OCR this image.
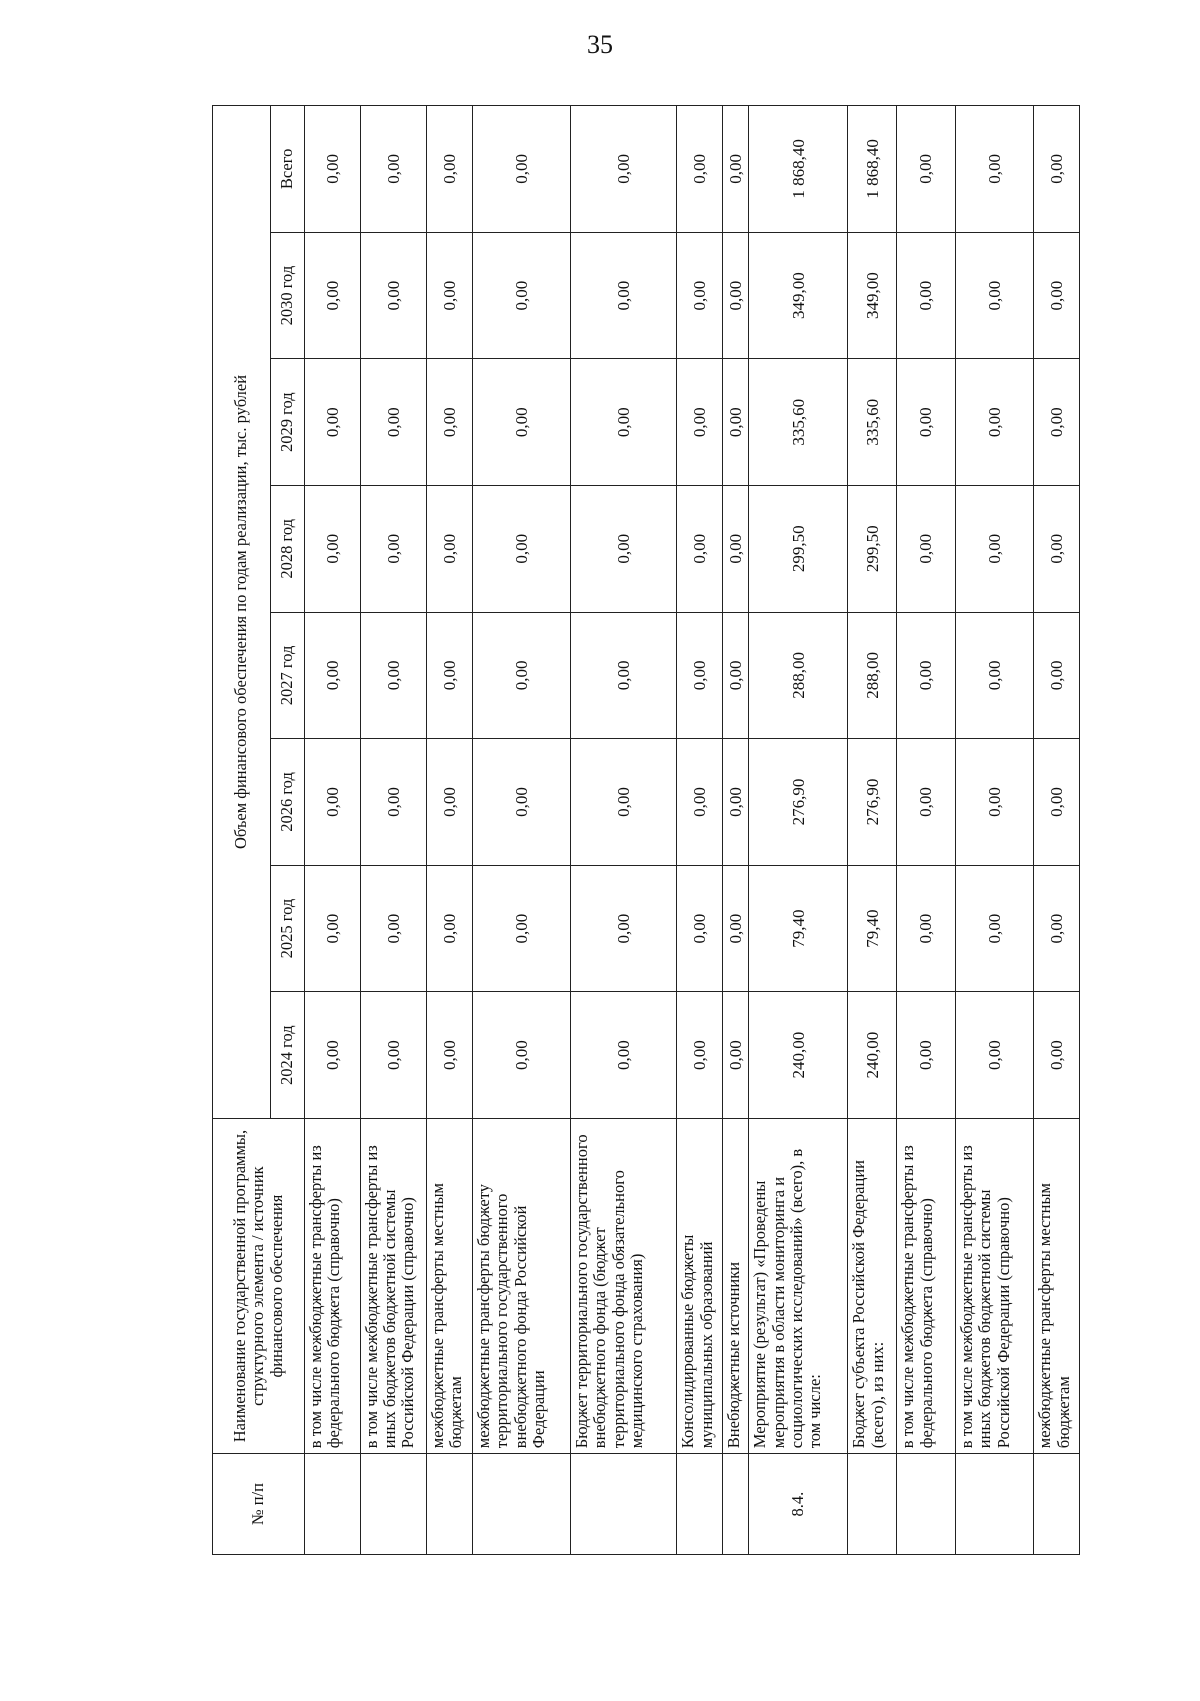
35
№ п/п	Наименование государственной программы, структурного элемента / источник финансового обеспечения	Объем финансового обеспечения по годам реализации, тыс. рублей							
		2024 год	2025 год	2026 год	2027 год	2028 год	2029 год	2030 год	Всего
	в том числе межбюджетные трансферты из федерального бюджета (справочно)	0,00	0,00	0,00	0,00	0,00	0,00	0,00	0,00
	в том числе межбюджетные трансферты из иных бюджетов бюджетной системы Российской Федерации (справочно)	0,00	0,00	0,00	0,00	0,00	0,00	0,00	0,00
	межбюджетные трансферты местным бюджетам	0,00	0,00	0,00	0,00	0,00	0,00	0,00	0,00
	межбюджетные трансферты бюджету территориального государственного внебюджетного фонда Российской Федерации	0,00	0,00	0,00	0,00	0,00	0,00	0,00	0,00
	Бюджет территориального государственного внебюджетного фонда (бюджет территориального фонда обязательного медицинского страхования)	0,00	0,00	0,00	0,00	0,00	0,00	0,00	0,00
	Консолидированные бюджеты муниципальных образований	0,00	0,00	0,00	0,00	0,00	0,00	0,00	0,00
	Внебюджетные источники	0,00	0,00	0,00	0,00	0,00	0,00	0,00	0,00
8.4.	Мероприятие (результат) «Проведены мероприятия в области мониторинга и социологических исследований» (всего), в том числе:	240,00	79,40	276,90	288,00	299,50	335,60	349,00	1 868,40
	Бюджет субъекта Российской Федерации (всего), из них:	240,00	79,40	276,90	288,00	299,50	335,60	349,00	1 868,40
	в том числе межбюджетные трансферты из федерального бюджета (справочно)	0,00	0,00	0,00	0,00	0,00	0,00	0,00	0,00
	в том числе межбюджетные трансферты из иных бюджетов бюджетной системы Российской Федерации (справочно)	0,00	0,00	0,00	0,00	0,00	0,00	0,00	0,00
	межбюджетные трансферты местным бюджетам	0,00	0,00	0,00	0,00	0,00	0,00	0,00	0,00
